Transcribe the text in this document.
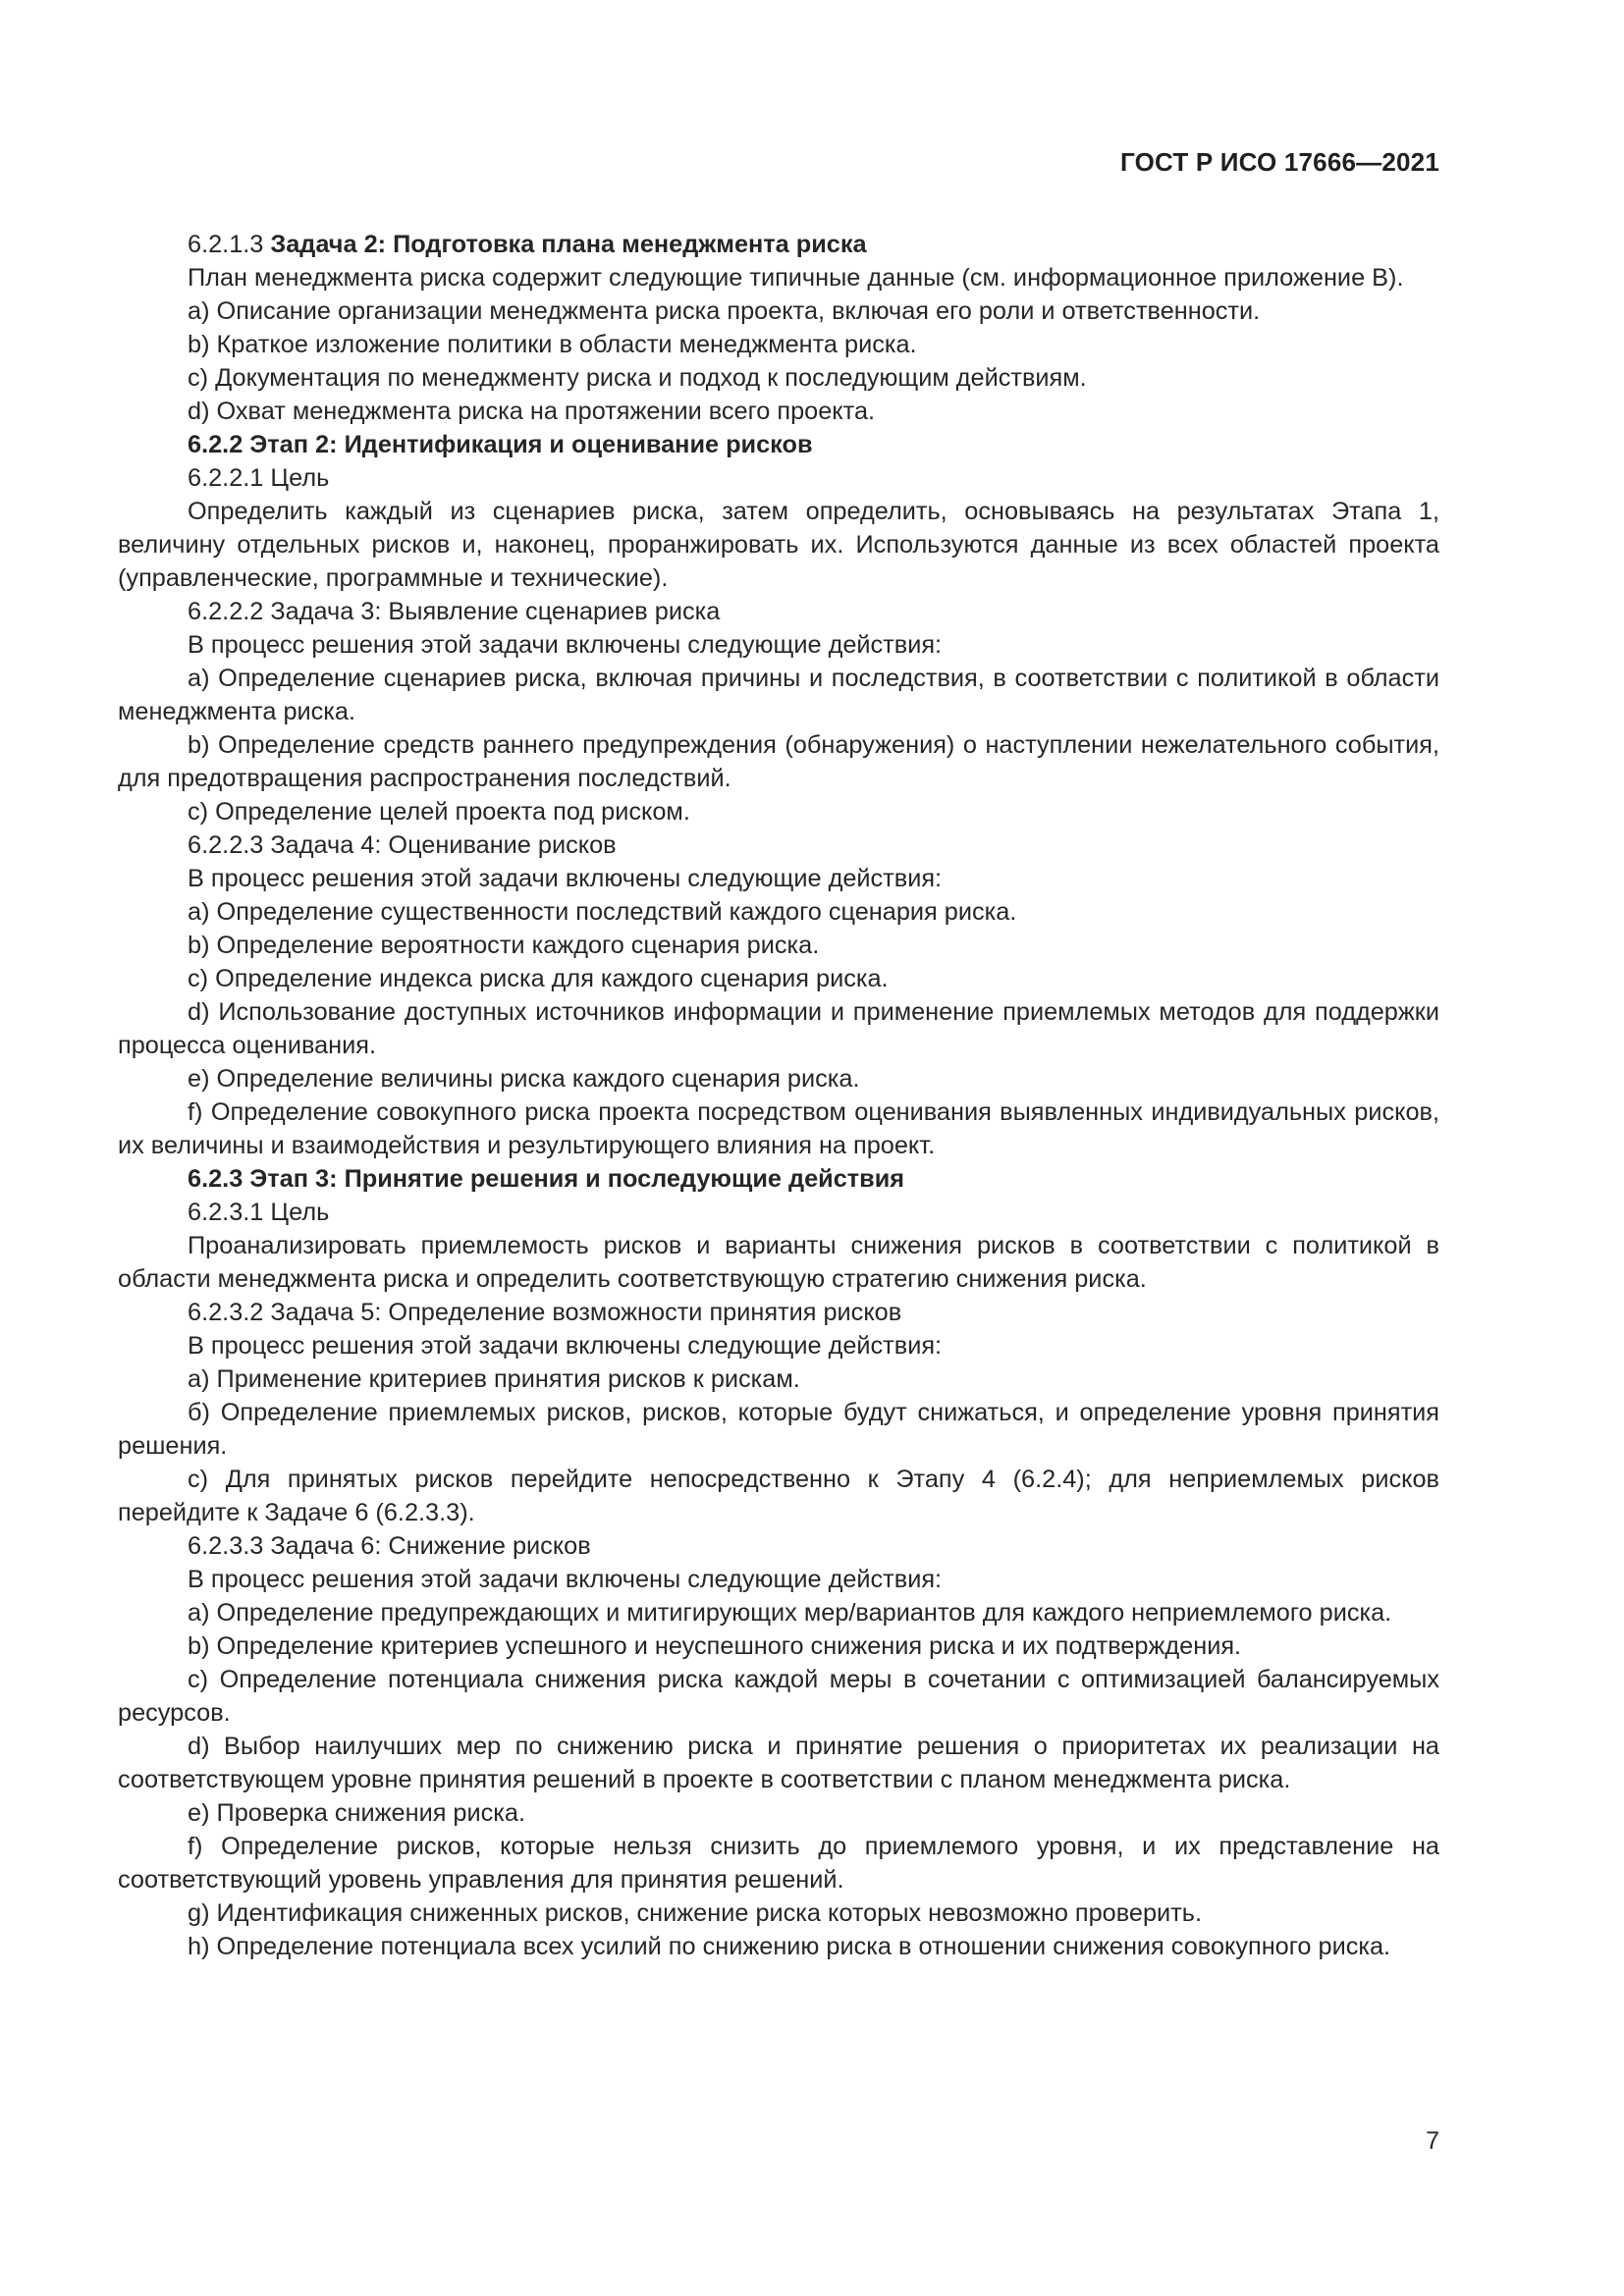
ГОСТ Р ИСО 17666—2021

6.2.1.3 Задача 2: Подготовка плана менеджмента риска

План менеджмента риска содержит следующие типичные данные (см. информационное приложение В).

a) Описание организации менеджмента риска проекта, включая его роли и ответственности.

b) Краткое изложение политики в области менеджмента риска.

c) Документация по менеджменту риска и подход к последующим действиям.

d) Охват менеджмента риска на протяжении всего проекта.

6.2.2 Этап 2: Идентификация и оценивание рисков

6.2.2.1 Цель

Определить каждый из сценариев риска, затем определить, основываясь на результатах Этапа 1, величину отдельных рисков и, наконец, проранжировать их. Используются данные из всех областей проекта (управленческие, программные и технические).

6.2.2.2 Задача 3: Выявление сценариев риска

В процесс решения этой задачи включены следующие действия:

a) Определение сценариев риска, включая причины и последствия, в соответствии с политикой в области менеджмента риска.

b) Определение средств раннего предупреждения (обнаружения) о наступлении нежелательного события, для предотвращения распространения последствий.

c) Определение целей проекта под риском.

6.2.2.3 Задача 4: Оценивание рисков

В процесс решения этой задачи включены следующие действия:

a) Определение существенности последствий каждого сценария риска.

b) Определение вероятности каждого сценария риска.

c) Определение индекса риска для каждого сценария риска.

d) Использование доступных источников информации и применение приемлемых методов для поддержки процесса оценивания.

e) Определение величины риска каждого сценария риска.

f) Определение совокупного риска проекта посредством оценивания выявленных индивидуальных рисков, их величины и взаимодействия и результирующего влияния на проект.

6.2.3 Этап 3: Принятие решения и последующие действия

6.2.3.1 Цель

Проанализировать приемлемость рисков и варианты снижения рисков в соответствии с политикой в области менеджмента риска и определить соответствующую стратегию снижения риска.

6.2.3.2 Задача 5: Определение возможности принятия рисков

В процесс решения этой задачи включены следующие действия:

a) Применение критериев принятия рисков к рискам.

б) Определение приемлемых рисков, рисков, которые будут снижаться, и определение уровня принятия решения.

c) Для принятых рисков перейдите непосредственно к Этапу 4 (6.2.4); для неприемлемых рисков перейдите к Задаче 6 (6.2.3.3).

6.2.3.3 Задача 6: Снижение рисков

В процесс решения этой задачи включены следующие действия:

a) Определение предупреждающих и митигирующих мер/вариантов для каждого неприемлемого риска.

b) Определение критериев успешного и неуспешного снижения риска и их подтверждения.

c) Определение потенциала снижения риска каждой меры в сочетании с оптимизацией балансируемых ресурсов.

d) Выбор наилучших мер по снижению риска и принятие решения о приоритетах их реализации на соответствующем уровне принятия решений в проекте в соответствии с планом менеджмента риска.

e) Проверка снижения риска.

f) Определение рисков, которые нельзя снизить до приемлемого уровня, и их представление на соответствующий уровень управления для принятия решений.

g) Идентификация сниженных рисков, снижение риска которых невозможно проверить.

h) Определение потенциала всех усилий по снижению риска в отношении снижения совокупного риска.

7
